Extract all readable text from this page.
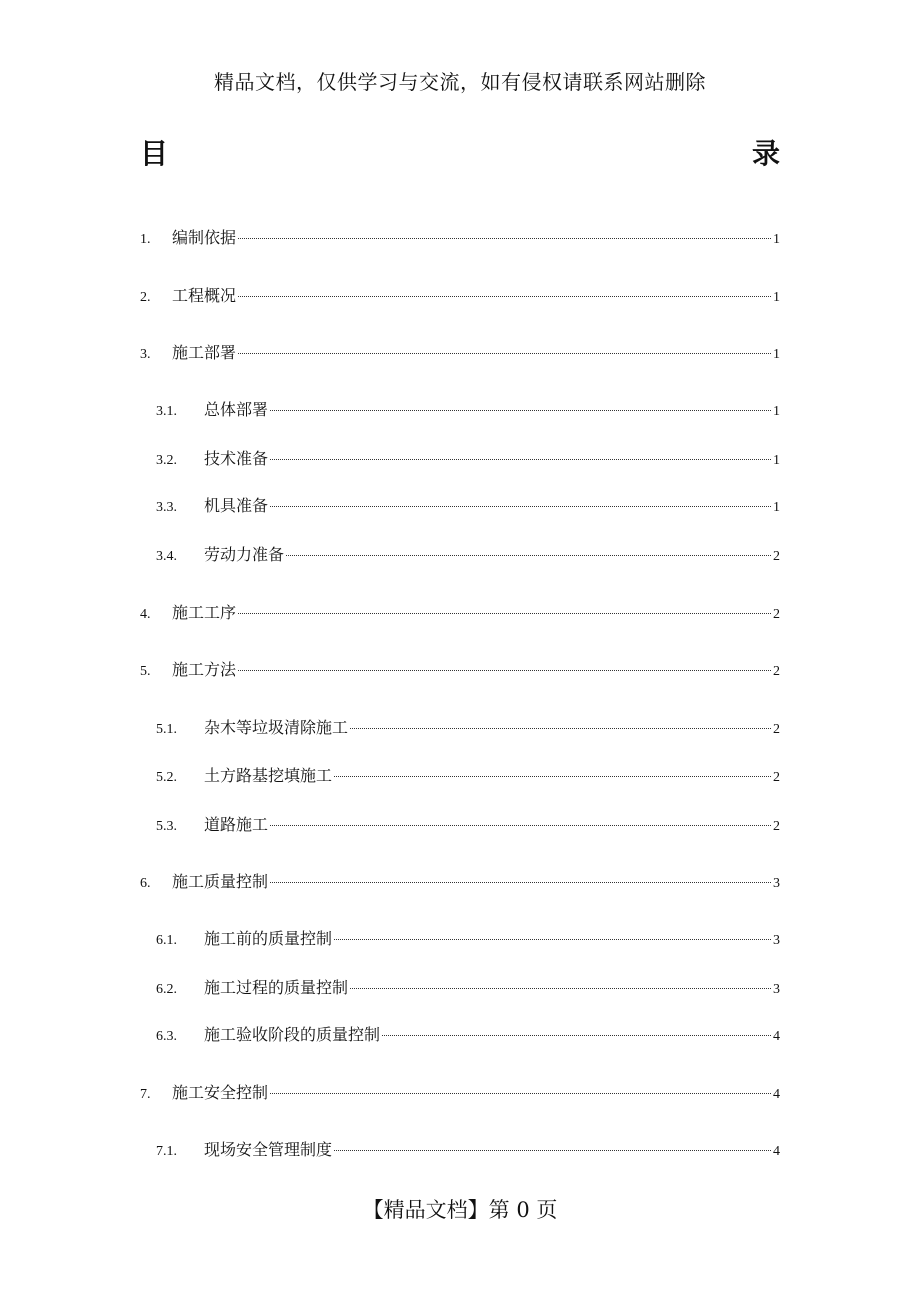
精品文档，仅供学习与交流，如有侵权请联系网站删除
目	录
1.	编制依据	1
2.	工程概况	1
3.	施工部署	1
3.1.	总体部署	1
3.2.	技术准备	1
3.3.	机具准备	1
3.4.	劳动力准备	2
4.	施工工序	2
5.	施工方法	2
5.1.	杂木等垃圾清除施工	2
5.2.	土方路基挖填施工	2
5.3.	道路施工	2
6.	施工质量控制	3
6.1.	施工前的质量控制	3
6.2.	施工过程的质量控制	3
6.3.	施工验收阶段的质量控制	4
7.	施工安全控制	4
7.1.	现场安全管理制度	4
【精品文档】第 0 页
